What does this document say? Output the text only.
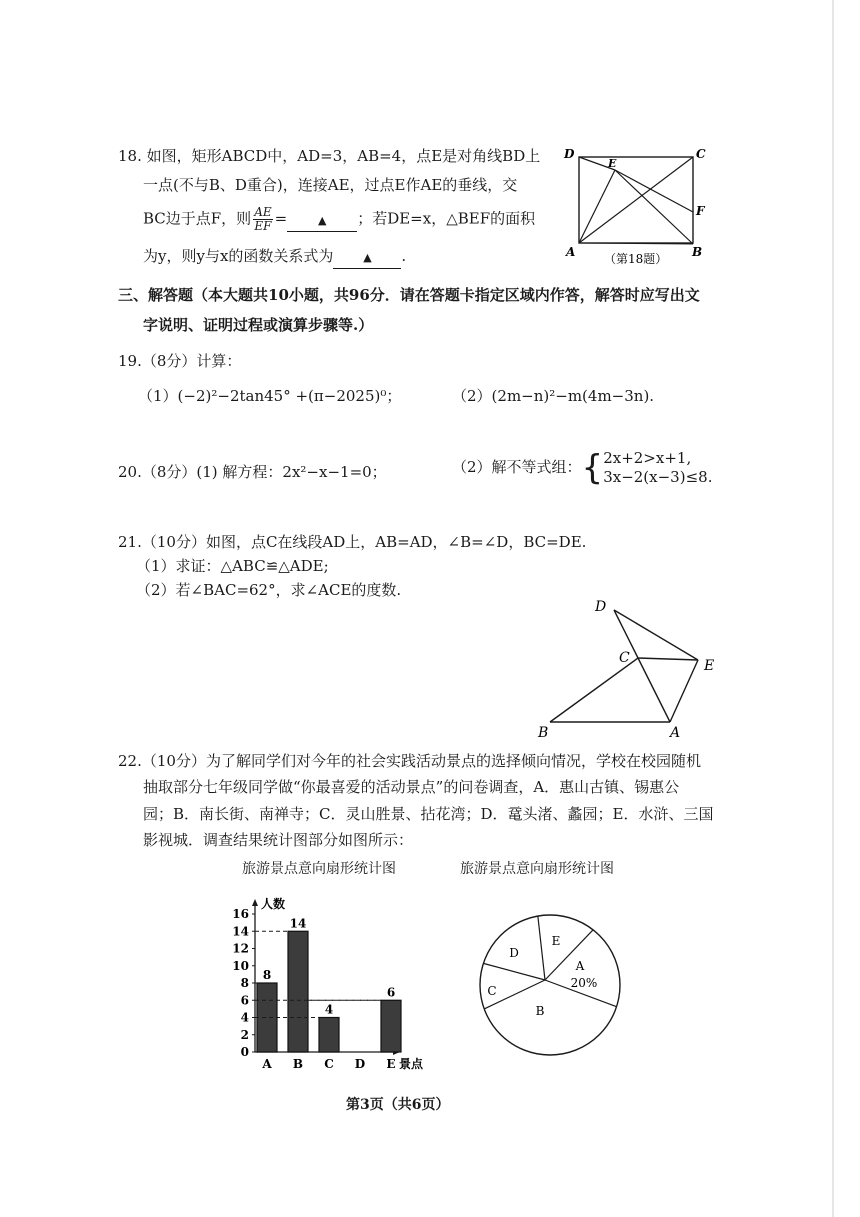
18. 如图，矩形ABCD中，AD=3，AB=4，点E是对角线BD上
一点(不与B、D重合)，连接AE，过点E作AE的垂线，交
BC边于点F，则 $\frac{AE}{EF}$ =	▲ ；若DE=x，△BEF的面积
为y，则y与x的函数关系式为	▲ .
D	C
E
F
A	B
（第18题）
三、解答题（本大题共10小题，共96分．请在答题卡指定区域内作答，解答时应写出文
字说明、证明过程或演算步骤等.）
19.（8分）计算：
（1）(−2)²−2tan45° +(π−2025)⁰；	（2）(2m−n)²−m(4m−3n).
20.（8分）(1) 解方程：2x²−x−1=0；	（2）解不等式组：{ 2x+2>x+1,
3x−2(x−3)≤8.
21.（10分）如图，点C在线段AD上，AB=AD，∠B=∠D，BC=DE.
（1）求证：△ABC≌△ADE;
（2）若∠BAC=62°，求∠ACE的度数.
D
C	E
B	A
22.（10分）为了解同学们对今年的社会实践活动景点的选择倾向情况，学校在校园随机
抽取部分七年级同学做“你最喜爱的活动景点”的问卷调查，A．惠山古镇、锡惠公
园；B．南长街、南禅寺；C．灵山胜景、拈花湾；D．鼋头渚、蠡园；E．水浒、三国
影视城．调查结果统计图部分如图所示：
旅游景点意向扇形统计图	旅游景点意向扇形统计图
0
2
4
6
8
10
12
14
16
人数
景点
A
8
B
14
C
4
D E
6
A
B
C
D
E
20%
第3页（共6页）
